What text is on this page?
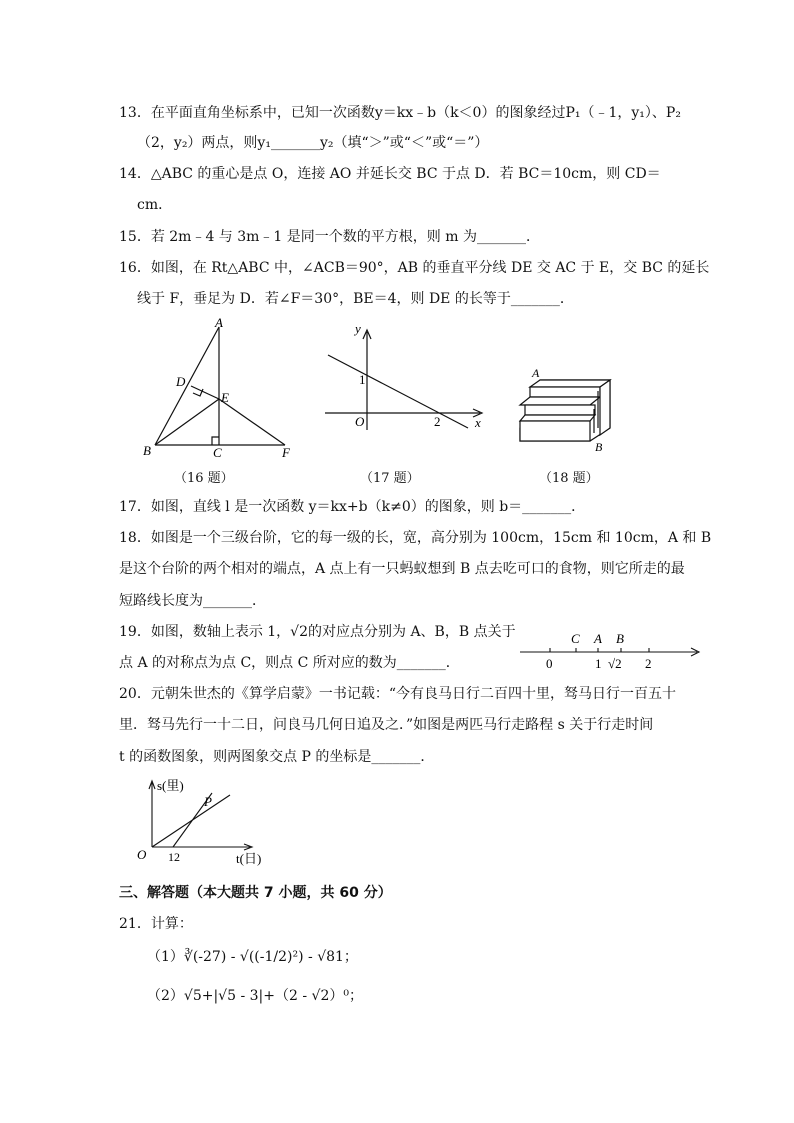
13．在平面直角坐标系中，已知一次函数y＝kx﹣b（k＜0）的图象经过P₁（﹣1，y₁）、P₂
（2，y₂）两点，则y₁_______y₂（填“＞”或“＜”或“＝”）
14．△ABC 的重心是点 O，连接 AO 并延长交 BC 于点 D．若 BC＝10cm，则 CD＝
cm．
15．若 2m﹣4 与 3m﹣1 是同一个数的平方根，则 m 为_______．
16．如图，在 Rt△ABC 中，∠ACB＝90°，AB 的垂直平分线 DE 交 AC 于 E，交 BC 的延长
线于 F，垂足为 D．若∠F＝30°，BE＝4，则 DE 的长等于_______．
A
B	C
D
E
F
（16 题）
y
x
O
1
2
（17 题）
A
B
（18 题）
17．如图，直线 l 是一次函数 y＝kx+b（k≠0）的图象，则 b＝_______．
18．如图是一个三级台阶，它的每一级的长，宽，高分别为 100cm，15cm 和 10cm，A 和 B
是这个台阶的两个相对的端点，A 点上有一只蚂蚁想到 B 点去吃可口的食物，则它所走的最
短路线长度为_______．
19．如图，数轴上表示 1，√2的对应点分别为 A、B，B 点关于
点 A 的对称点为点 C，则点 C 所对应的数为_______．
C A B
0	1 √2 2
20．元朝朱世杰的《算学启蒙》一书记载：“今有良马日行二百四十里，驽马日行一百五十
里．驽马先行一十二日，问良马几何日追及之．”如图是两匹马行走路程 s 关于行走时间
t 的函数图象，则两图象交点 P 的坐标是_______．
s(里)
t(日)
O 12
P
三、解答题（本大题共 7 小题，共 60 分）
21．计算：
（1）∛(-27) - √((-1/2)²) - √81；
（2）√5+|√5 - 3|+（2 - √2）⁰；
